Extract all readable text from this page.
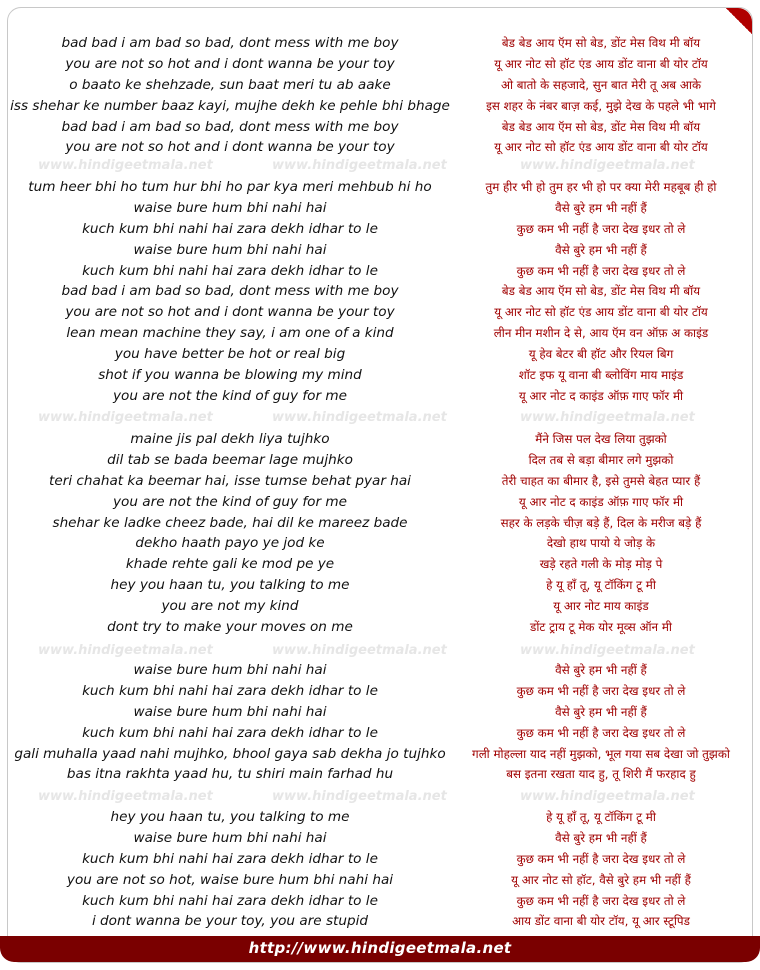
bad bad i am bad so bad, dont mess with me boy	बेड बेड आय ऍम सो बेड, डोंट मेस विथ मी बॉय
you are not so hot and i dont wanna be your toy	यू आर नोट सो हॉट एंड आय डोंट वाना बी योर टॉय
o baato ke shehzade, sun baat meri tu ab aake	ओ बातो के सहजादे, सुन बात मेरी तू अब आके
iss shehar ke number baaz kayi, mujhe dekh ke pehle bhi bhage	इस शहर के नंबर बाज़ कई, मुझे देख के पहले भी भागे
bad bad i am bad so bad, dont mess with me boy	बेड बेड आय ऍम सो बेड, डोंट मेस विथ मी बॉय
you are not so hot and i dont wanna be your toy	यू आर नोट सो हॉट एंड आय डोंट वाना बी योर टॉय
www.hindigeetmala.net	www.hindigeetmala.net	www.hindigeetmala.net
tum heer bhi ho tum hur bhi ho par kya meri mehbub hi ho	तुम हीर भी हो तुम हर भी हो पर क्या मेरी महबूब ही हो
waise bure hum bhi nahi hai	वैसे बुरे हम भी नहीं हैं
kuch kum bhi nahi hai zara dekh idhar to le	कुछ कम भी नहीं है जरा देख इधर तो ले
waise bure hum bhi nahi hai	वैसे बुरे हम भी नहीं हैं
kuch kum bhi nahi hai zara dekh idhar to le	कुछ कम भी नहीं है जरा देख इधर तो ले
bad bad i am bad so bad, dont mess with me boy	बेड बेड आय ऍम सो बेड, डोंट मेस विथ मी बॉय
you are not so hot and i dont wanna be your toy	यू आर नोट सो हॉट एंड आय डोंट वाना बी योर टॉय
lean mean machine they say, i am one of a kind	लीन मीन मशीन दे से, आय ऍम वन ऑफ़ अ काइंड
you have better be hot or real big	यू हेव बेटर बी हॉट और रियल बिग
shot if you wanna be blowing my mind	शॉट इफ यू वाना बी ब्लोविंग माय माइंड
you are not the kind of guy for me	यू आर नोट द काइंड ऑफ़ गाए फॉर मी
www.hindigeetmala.net	www.hindigeetmala.net	www.hindigeetmala.net
maine jis pal dekh liya tujhko	मैंने जिस पल देख लिया तुझको
dil tab se bada beemar lage mujhko	दिल तब से बड़ा बीमार लगे मुझको
teri chahat ka beemar hai, isse tumse behat pyar hai	तेरी चाहत का बीमार है, इसे तुमसे बेहत प्यार हैं
you are not the kind of guy for me	यू आर नोट द काइंड ऑफ़ गाए फॉर मी
shehar ke ladke cheez bade, hai dil ke mareez bade	सहर के लड़के चीज़ बड़े हैं, दिल के मरीज बड़े हैं
dekho haath payo ye jod ke	देखो हाथ पायो ये जोड़ के
khade rehte gali ke mod pe ye	खड़े रहते गली के मोड़ मोड़ पे
hey you haan tu, you talking to me	हे यू हाँ तू, यू टॉकिंग टू मी
you are not my kind	यू आर नोट माय काइंड
dont try to make your moves on me	डोंट ट्राय टू मेक योर मूव्स ऑन मी
www.hindigeetmala.net	www.hindigeetmala.net	www.hindigeetmala.net
waise bure hum bhi nahi hai	वैसे बुरे हम भी नहीं हैं
kuch kum bhi nahi hai zara dekh idhar to le	कुछ कम भी नहीं है जरा देख इधर तो ले
waise bure hum bhi nahi hai	वैसे बुरे हम भी नहीं हैं
kuch kum bhi nahi hai zara dekh idhar to le	कुछ कम भी नहीं है जरा देख इधर तो ले
gali muhalla yaad nahi mujhko, bhool gaya sab dekha jo tujhko	गली मोहल्ला याद नहीं मुझको, भूल गया सब देखा जो तुझको
bas itna rakhta yaad hu, tu shiri main farhad hu	बस इतना रखता याद हु, तू शिरी मैं फरहाद हु
www.hindigeetmala.net	www.hindigeetmala.net	www.hindigeetmala.net
hey you haan tu, you talking to me	हे यू हाँ तू, यू टॉकिंग टू मी
waise bure hum bhi nahi hai	वैसे बुरे हम भी नहीं हैं
kuch kum bhi nahi hai zara dekh idhar to le	कुछ कम भी नहीं है जरा देख इधर तो ले
you are not so hot, waise bure hum bhi nahi hai	यू आर नोट सो हॉट, वैसे बुरे हम भी नहीं हैं
kuch kum bhi nahi hai zara dekh idhar to le	कुछ कम भी नहीं है जरा देख इधर तो ले
i dont wanna be your toy, you are stupid	आय डोंट वाना बी योर टॉय, यू आर स्टूपिड
http://www.hindigeetmala.net
